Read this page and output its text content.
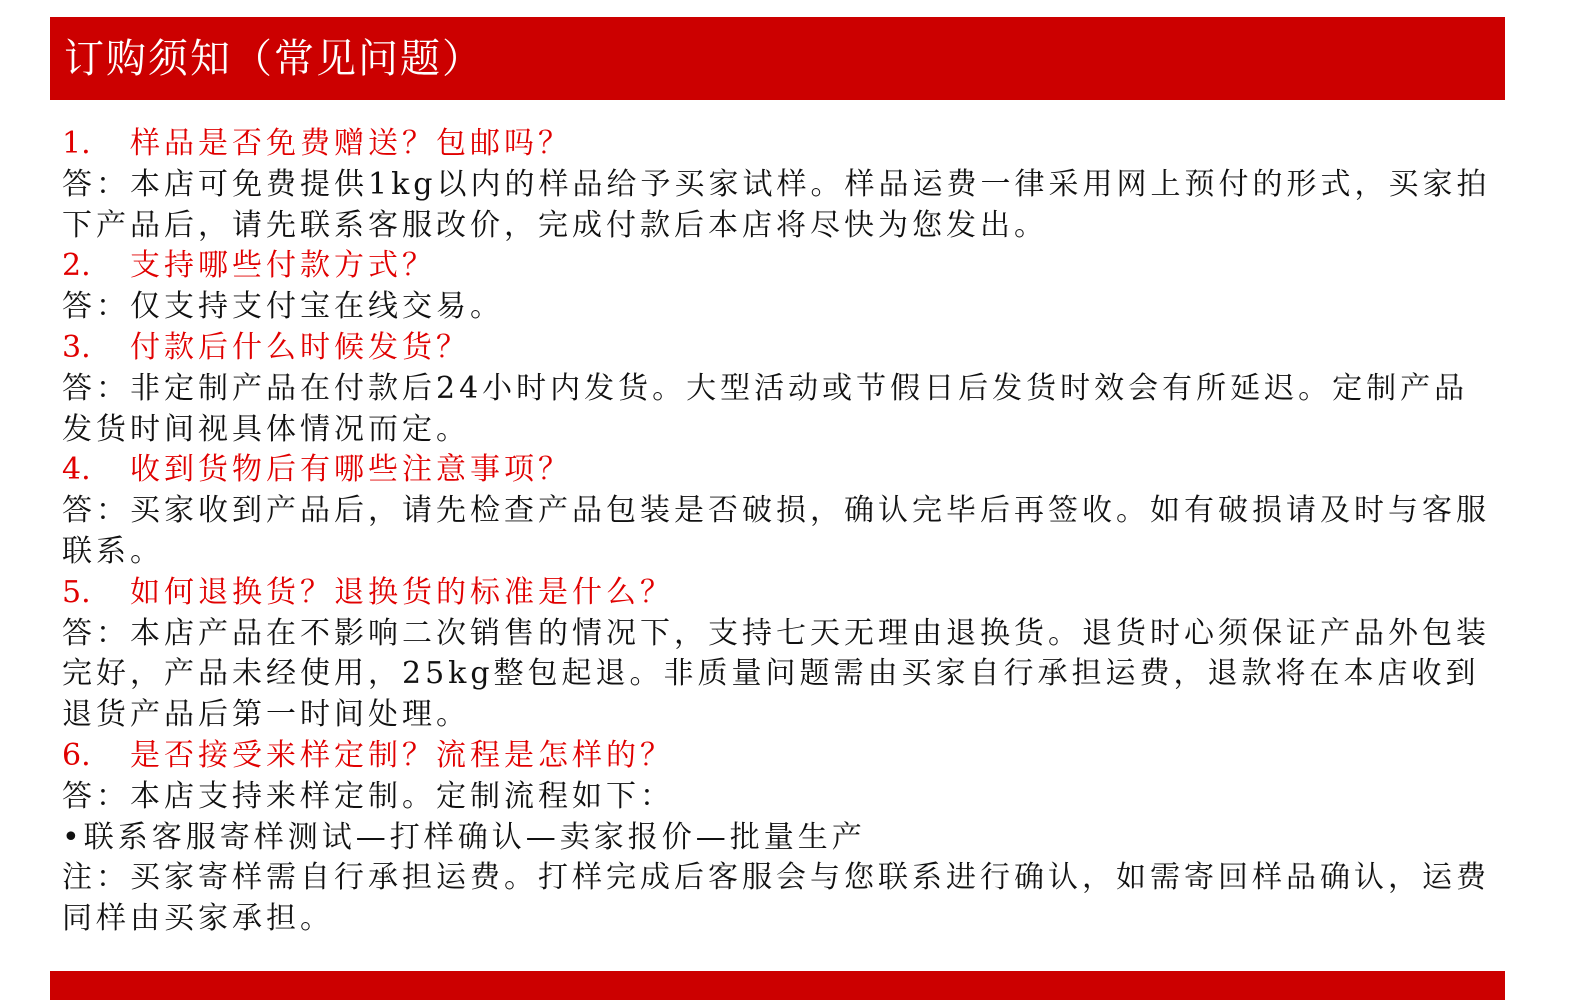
订购须知（常见问题）
1. 样品是否免费赠送？包邮吗？
答：本店可免费提供1kg以内的样品给予买家试样。样品运费一律采用网上预付的形式，买家拍下产品后，请先联系客服改价，完成付款后本店将尽快为您发出。
2. 支持哪些付款方式？
答：仅支持支付宝在线交易。
3. 付款后什么时候发货？
答：非定制产品在付款后24小时内发货。大型活动或节假日后发货时效会有所延迟。定制产品发货时间视具体情况而定。
4. 收到货物后有哪些注意事项？
答：买家收到产品后，请先检查产品包装是否破损，确认完毕后再签收。如有破损请及时与客服联系。
5. 如何退换货？退换货的标准是什么？
答：本店产品在不影响二次销售的情况下，支持七天无理由退换货。退货时心须保证产品外包装完好，产品未经使用，25kg整包起退。非质量问题需由买家自行承担运费，退款将在本店收到退货产品后第一时间处理。
6. 是否接受来样定制？流程是怎样的？
答：本店支持来样定制。定制流程如下：
•联系客服寄样测试—打样确认—卖家报价—批量生产
注：买家寄样需自行承担运费。打样完成后客服会与您联系进行确认，如需寄回样品确认，运费同样由买家承担。
